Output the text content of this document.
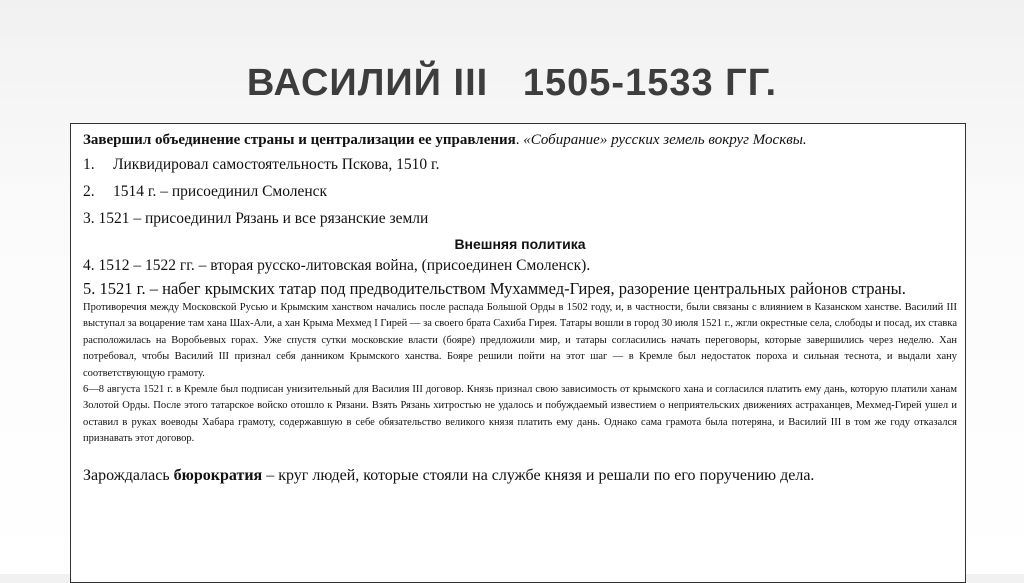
ВАСИЛИЙ III   1505-1533 ГГ.

Завершил объединение страны и централизации ее управления. «Собирание» русских земель вокруг Москвы.

1. Ликвидировал самостоятельность Пскова, 1510 г.

2. 1514 г. – присоединил Смоленск

3. 1521 – присоединил Рязань и все рязанские земли

Внешняя политика

4. 1512 – 1522 гг. – вторая русско-литовская война, (присоединен Смоленск).

5. 1521 г. – набег крымских татар под предводительством Мухаммед-Гирея, разорение центральных районов страны.

Противоречия между Московской Русью и Крымским ханством начались после распада Большой Орды в 1502 году, и, в частности, были связаны с влиянием в Казанском ханстве. Василий III выступал за воцарение там хана Шах-Али, а хан Крыма Мехмед I Гирей — за своего брата Сахиба Гирея. Татары вошли в город 30 июля 1521 г., жгли окрестные села, слободы и посад, их ставка расположилась на Воробьевых горах. Уже спустя сутки московские власти (бояре) предложили мир, и татары согласились начать переговоры, которые завершились через неделю. Хан потребовал, чтобы Василий III признал себя данником Крымского ханства. Бояре решили пойти на этот шаг — в Кремле был недостаток пороха и сильная теснота, и выдали хану соответствующую грамоту.

6—8 августа 1521 г. в Кремле был подписан унизительный для Василия III договор. Князь признал свою зависимость от крымского хана и согласился платить ему дань, которую платили ханам Золотой Орды. После этого татарское войско отошло к Рязани. Взять Рязань хитростью не удалось и побуждаемый известием о неприятельских движениях астраханцев, Мехмед-Гирей ушел и оставил в руках воеводы Хабара грамоту, содержавшую в себе обязательство великого князя платить ему дань. Однако сама грамота была потеряна, и Василий III в том же году отказался признавать этот договор.

Зарождалась бюрократия – круг людей, которые стояли на службе князя и решали по его поручению дела.
